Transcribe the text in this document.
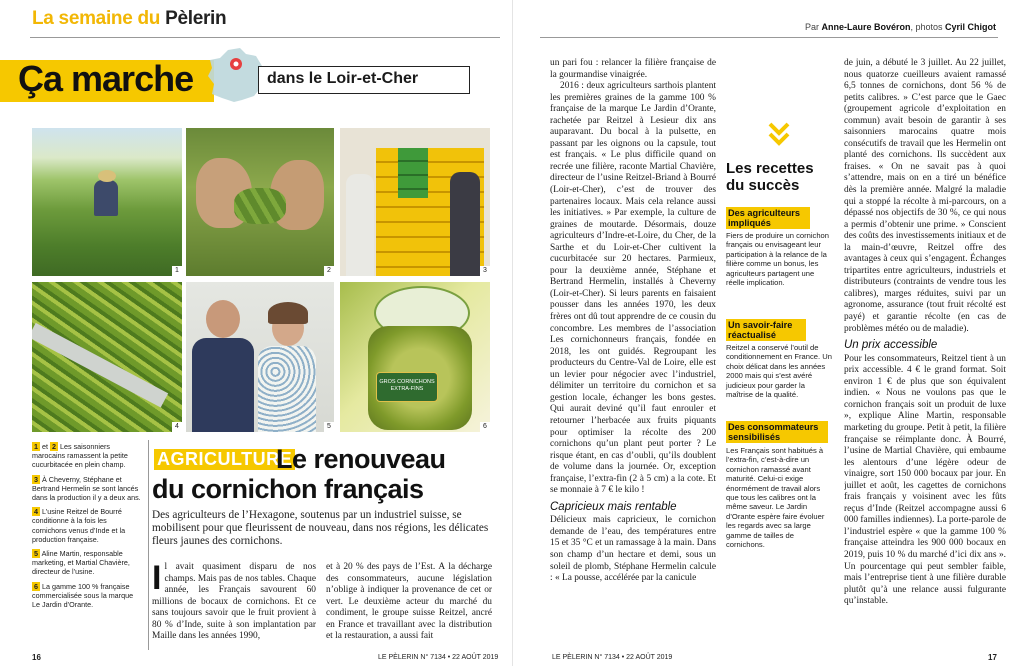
La semaine du Pèlerin	Par Anne-Laure Bovéron, photos Cyril Chigot
Ça marche	dans le Loir-et-Cher
1	2	3
4	5
GROS CORNICHONS
EXTRA-FINS
6

1 et 2 Les saisonniers marocains ramassent la petite cucurbitacée en plein champ.

3 À Cheverny, Stéphane et Bertrand Hermelin se sont lancés dans la production il y a deux ans.

4 L’usine Reitzel de Bourré conditionne à la fois les cornichons venus d’Inde et la production française.

5 Aline Martin, responsable marketing, et Martial Chavière, directeur de l’usine.

6 La gamme 100 % française commercialisée sous la marque Le Jardin d’Orante.

AGRICULTURE
Le renouveau
du cornichon français
Des agriculteurs de l’Hexagone, soutenus par un industriel suisse, se mobilisent pour que fleurissent de nouveau, dans nos régions, les délicates fleurs jaunes des cornichons.

Il avait quasiment disparu de nos champs. Mais pas de nos tables. Chaque année, les Français savourent 60 millions de bocaux de cornichons. Et ce sans toujours savoir que le fruit provient à 80 % d’Inde, suite à son implantation par Maille dans les années 1990,

et à 20 % des pays de l’Est. À la décharge des consommateurs, aucune législation n’oblige à indiquer la provenance de cet or vert. Le deuxième acteur du marché du condiment, le groupe suisse Reitzel, ancré en France et travaillant avec la distribution et la restauration, a aussi fait

un pari fou : relancer la filière française de la gourmandise vinaigrée.

2016 : deux agriculteurs sarthois plantent les premières graines de la gamme 100 % française de la marque Le Jardin d’Orante, rachetée par Reitzel à Lesieur dix ans auparavant. Du bocal à la pulsette, en passant par les oignons ou la capsule, tout est français. « Le plus difficile quand on recrée une filière, raconte Martial Chavière, directeur de l’usine Reitzel-Briand à Bourré (Loir-et-Cher), c’est de trouver des partenaires locaux. Mais cela relance aussi les initiatives. » Par exemple, la culture de graines de moutarde. Désormais, douze agriculteurs d’Indre-et-Loire, du Cher, de la Sarthe et du Loir-et-Cher cultivent la cucurbitacée sur 20 hectares. Parmieux, pour la deuxième année, Stéphane et Bertrand Hermelin, installés à Cheverny (Loir-et-Cher). Si leurs parents en faisaient pousser dans les années 1970, les deux frères ont dû tout apprendre de ce cousin du concombre. Les membres de l’association Les cornichonneurs français, fondée en 2018, les ont guidés. Regroupant les producteurs du Centre-Val de Loire, elle est un levier pour négocier avec l’industriel, délimiter un territoire du cornichon et sa gestion locale, échanger les bons gestes. Qui aurait deviné qu’il faut enrouler et retourner l’herbacée aux fruits piquants pour optimiser la récolte des 200 cornichons qu’un plant peut porter ? Le risque étant, en cas d’oubli, qu’ils doublent de volume dans la journée. Or, exception française, l’extra-fin (2 à 5 cm) a la cote. Et se monnaie à 7 € le kilo !

Capricieux mais rentable

Délicieux mais capricieux, le cornichon demande de l’eau, des températures entre 15 et 35 °C et un ramassage à la main. Dans son champ d’un hectare et demi, sous un soleil de plomb, Stéphane Hermelin calcule : « La pousse, accélérée par la canicule

Les recettes du succès
Des agriculteurs impliqués
Fiers de produire un cornichon français ou envisageant leur participation à la relance de la filière comme un bonus, les agriculteurs partagent une réelle implication.
Un savoir-faire réactualisé
Reitzel a conservé l’outil de conditionnement en France. Un choix délicat dans les années 2000 mais qui s’est avéré judicieux pour garder la maîtrise de la qualité.
Des consommateurs sensibilisés
Les Français sont habitués à l’extra-fin, c’est-à-dire un cornichon ramassé avant maturité. Celui-ci exige énormément de travail alors que tous les calibres ont la même saveur. Le Jardin d’Orante espère faire évoluer les regards avec sa large gamme de tailles de cornichons.

de juin, a débuté le 3 juillet. Au 22 juillet, nous quatorze cueilleurs avaient ramassé 6,5 tonnes de cornichons, dont 56 % de petits calibres. » C’est parce que le Gaec (groupement agricole d’exploitation en commun) avait besoin de garantir à ses saisonniers marocains quatre mois consécutifs de travail que les Hermelin ont planté des cornichons. Ils succèdent aux fraises. « On ne savait pas à quoi s’attendre, mais on en a tiré un bénéfice dès la première année. Malgré la maladie qui a stoppé la récolte à mi-parcours, on a dépassé nos objectifs de 30 %, ce qui nous a permis d’obtenir une prime. » Conscient des coûts des investissements initiaux et de la main-d’œuvre, Reitzel offre des avantages à ceux qui s’engagent. Échanges tripartites entre agriculteurs, industriels et distributeurs (contraints de vendre tous les calibres), marges réduites, suivi par un agronome, assurance (tout fruit récolté est payé) et garantie récolte (en cas de problèmes météo ou de maladie).

Un prix accessible

Pour les consommateurs, Reitzel tient à un prix accessible. 4 € le grand format. Soit environ 1 € de plus que son équivalent indien. « Nous ne voulons pas que le cornichon français soit un produit de luxe », explique Aline Martin, responsable marketing du groupe. Petit à petit, la filière française se réimplante donc. À Bourré, l’usine de Martial Chavière, qui embaume les alentours d’une légère odeur de vinaigre, sort 150 000 bocaux par jour. En juillet et août, les cagettes de cornichons frais français y voisinent avec les fûts reçus d’Inde (Reitzel accompagne aussi 6 000 familles indiennes). La porte-parole de l’industriel espère « que la gamme 100 % française atteindra les 900 000 bocaux en 2019, puis 10 % du marché d’ici dix ans ». Un pourcentage qui peut sembler faible, mais l’entreprise tient à une filière durable plutôt qu’à une relance aussi fulgurante qu’instable.

16	LE PÈLERIN N° 7134 • 22 AOÛT 2019	LE PÈLERIN N° 7134 • 22 AOÛT 2019	17
